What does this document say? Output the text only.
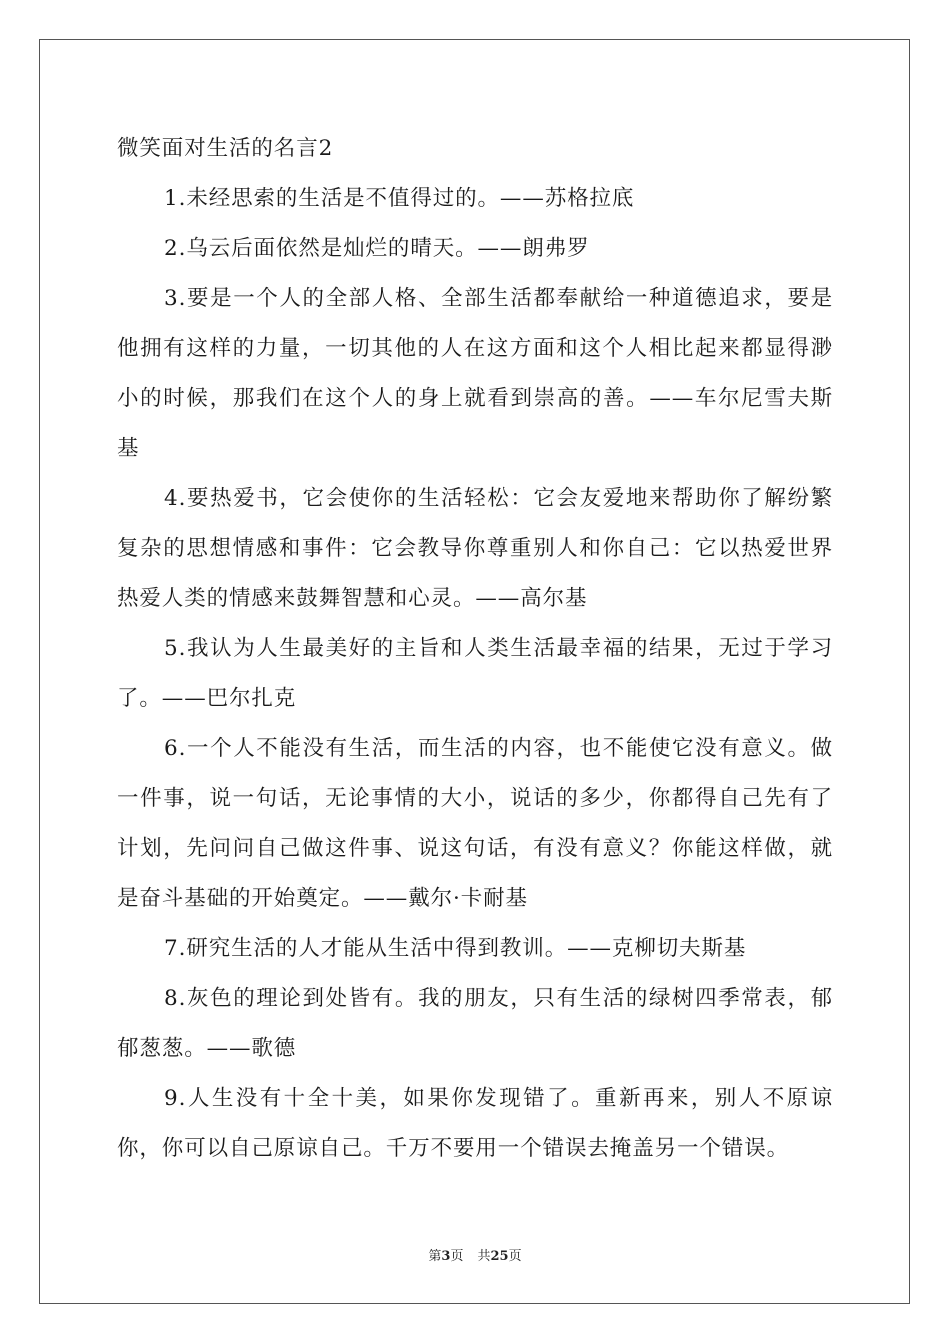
微笑面对生活的名言2

1.未经思索的生活是不值得过的。——苏格拉底

2.乌云后面依然是灿烂的晴天。——朗弗罗

3.要是一个人的全部人格、全部生活都奉献给一种道德追求，要是他拥有这样的力量，一切其他的人在这方面和这个人相比起来都显得渺小的时候，那我们在这个人的身上就看到崇高的善。——车尔尼雪夫斯基

4.要热爱书，它会使你的生活轻松：它会友爱地来帮助你了解纷繁复杂的思想情感和事件：它会教导你尊重别人和你自己：它以热爱世界热爱人类的情感来鼓舞智慧和心灵。——高尔基

5.我认为人生最美好的主旨和人类生活最幸福的结果，无过于学习了。——巴尔扎克

6.一个人不能没有生活，而生活的内容，也不能使它没有意义。做一件事，说一句话，无论事情的大小，说话的多少，你都得自己先有了计划，先问问自己做这件事、说这句话，有没有意义？你能这样做，就是奋斗基础的开始奠定。——戴尔·卡耐基

7.研究生活的人才能从生活中得到教训。——克柳切夫斯基

8.灰色的理论到处皆有。我的朋友，只有生活的绿树四季常表，郁郁葱葱。——歌德

9.人生没有十全十美，如果你发现错了。重新再来，别人不原谅你，你可以自己原谅自己。千万不要用一个错误去掩盖另一个错误。

第3页 共25页
